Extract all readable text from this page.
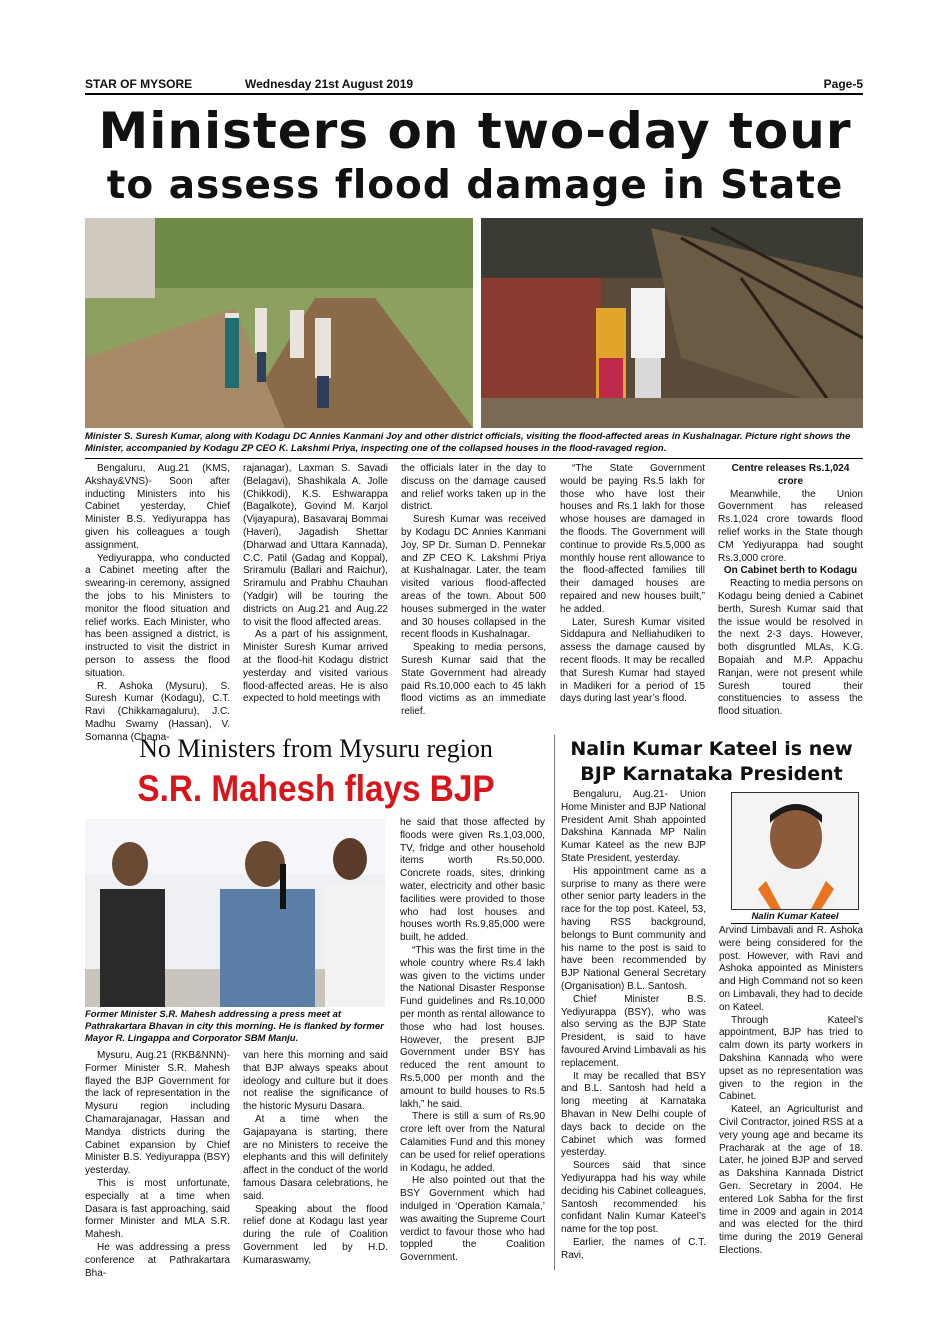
STAR OF MYSORE	Wednesday 21st August 2019	Page-5
Ministers on two-day tour
to assess flood damage in State
Minister S. Suresh Kumar, along with Kodagu DC Annies Kanmani Joy and other district officials, visiting the flood-affected areas in Kushalnagar. Picture right shows the Minister, accompanied by Kodagu ZP CEO K. Lakshmi Priya, inspecting one of the collapsed houses in the flood-ravaged region.

Bengaluru, Aug.21 (KMS, Akshay&VNS)- Soon after inducting Ministers into his Cabinet yesterday, Chief Minister B.S. Yediyurappa has given his colleagues a tough assignment.

Yediyurappa, who conducted a Cabinet meeting after the swearing-in ceremony, assigned the jobs to his Ministers to monitor the flood situation and relief works. Each Minister, who has been assigned a district, is instructed to visit the district in person to assess the flood situation.

R. Ashoka (Mysuru), S. Suresh Kumar (Kodagu), C.T. Ravi (Chikkamagaluru), J.C. Madhu Swamy (Hassan), V. Somanna (Chama-

rajanagar), Laxman S. Savadi (Belagavi), Shashikala A. Jolle (Chikkodi), K.S. Eshwarappa (Bagalkote), Govind M. Karjol (Vijayapura), Basavaraj Bommai (Haveri), Jagadish Shettar (Dharwad and Uttara Kannada), C.C. Patil (Gadag and Koppal), Sriramulu (Ballari and Raichur), Sriramulu and Prabhu Chauhan (Yadgir) will be touring the districts on Aug.21 and Aug.22 to visit the flood affected areas.

As a part of his assignment, Minister Suresh Kumar arrived at the flood-hit Kodagu district yesterday and visited various flood-affected areas. He is also expected to hold meetings with

the officials later in the day to discuss on the damage caused and relief works taken up in the district.

Suresh Kumar was received by Kodagu DC Annies Kanmani Joy, SP Dr. Suman D. Pennekar and ZP CEO K. Lakshmi Priya at Kushalnagar. Later, the team visited various flood-affected areas of the town. About 500 houses submerged in the water and 30 houses collapsed in the recent floods in Kushalnagar.

Speaking to media persons, Suresh Kumar said that the State Government had already paid Rs.10,000 each to 45 lakh flood victims as an immediate relief.

“The State Government would be paying Rs.5 lakh for those who have lost their houses and Rs.1 lakh for those whose houses are damaged in the floods. The Government will continue to provide Rs.5,000 as monthly house rent allowance to the flood-affected families till their damaged houses are repaired and new houses built,” he added.

Later, Suresh Kumar visited Siddapura and Nelliahudikeri to assess the damage caused by recent floods. It may be recalled that Suresh Kumar had stayed in Madikeri for a period of 15 days during last year’s flood.

Centre releases Rs.1,024 crore

Meanwhile, the Union Government has released Rs.1,024 crore towards flood relief works in the State though CM Yediyurappa had sought Rs.3,000 crore.

On Cabinet berth to Kodagu

Reacting to media persons on Kodagu being denied a Cabinet berth, Suresh Kumar said that the issue would be resolved in the next 2-3 days. However, both disgruntled MLAs, K.G. Bopaiah and M.P. Appachu Ranjan, were not present while Suresh toured their constituencies to assess the flood situation.

No Ministers from Mysuru region
S.R. Mahesh flays BJP
Former Minister S.R. Mahesh addressing a press meet at Pathrakartara Bhavan in city this morning. He is flanked by former Mayor R. Lingappa and Corporator SBM Manju.

he said that those affected by floods were given Rs.1,03,000, TV, fridge and other household items worth Rs.50,000. Concrete roads, sites, drinking water, electricity and other basic facilities were provided to those who had lost houses and houses worth Rs.9,85,000 were built, he added.

“This was the first time in the whole country where Rs.4 lakh was given to the victims under the National Disaster Response Fund guidelines and Rs.10,000 per month as rental allowance to those who had lost houses. However, the present BJP Government under BSY has reduced the rent amount to Rs.5,000 per month and the amount to build houses to Rs.5 lakh,” he said.

There is still a sum of Rs.90 crore left over from the Natural Calamities Fund and this money can be used for relief operations in Kodagu, he added.

He also pointed out that the BSY Government which had indulged in ‘Operation Kamala,’ was awaiting the Supreme Court verdict to favour those who had toppled the Coalition Government.

Mysuru, Aug.21 (RKB&NNN)- Former Minister S.R. Mahesh flayed the BJP Government for the lack of representation in the Mysuru region including Chamarajanagar, Hassan and Mandya districts during the Cabinet expansion by Chief Minister B.S. Yediyurappa (BSY) yesterday.

This is most unfortunate, especially at a time when Dasara is fast approaching, said former Minister and MLA S.R. Mahesh.

He was addressing a press conference at Pathrakartara Bha-

van here this morning and said that BJP always speaks about ideology and culture but it does not realise the significance of the historic Mysuru Dasara.

At a time when the Gajapayana is starting, there are no Ministers to receive the elephants and this will definitely affect in the conduct of the world famous Dasara celebrations, he said.

Speaking about the flood relief done at Kodagu last year during the rule of Coalition Government led by H.D. Kumaraswamy,

Nalin Kumar Kateel is new
BJP Karnataka President
Nalin Kumar Kateel

Bengaluru, Aug.21- Union Home Minister and BJP National President Amit Shah appointed Dakshina Kannada MP Nalin Kumar Kateel as the new BJP State President, yesterday.

His appointment came as a surprise to many as there were other senior party leaders in the race for the top post. Kateel, 53, having RSS background, belongs to Bunt community and his name to the post is said to have been recommended by BJP National General Secretary (Organisation) B.L. Santosh.

Chief Minister B.S. Yediyurappa (BSY), who was also serving as the BJP State President, is said to have favoured Arvind Limbavali as his replacement.

It may be recalled that BSY and B.L. Santosh had held a long meeting at Karnataka Bhavan in New Delhi couple of days back to decide on the Cabinet which was formed yesterday.

Sources said that since Yediyurappa had his way while deciding his Cabinet colleagues, Santosh recommended his confidant Nalin Kumar Kateel’s name for the top post.

Earlier, the names of C.T. Ravi,

Arvind Limbavali and R. Ashoka were being considered for the post. However, with Ravi and Ashoka appointed as Ministers and High Command not so keen on Limbavali, they had to decide on Kateel.

Through Kateel’s appointment, BJP has tried to calm down its party workers in Dakshina Kannada who were upset as no representation was given to the region in the Cabinet.

Kateel, an Agriculturist and Civil Contractor, joined RSS at a very young age and became its Pracharak at the age of 18. Later, he joined BJP and served as Dakshina Kannada District Gen. Secretary in 2004. He entered Lok Sabha for the first time in 2009 and again in 2014 and was elected for the third time during the 2019 General Elections.
